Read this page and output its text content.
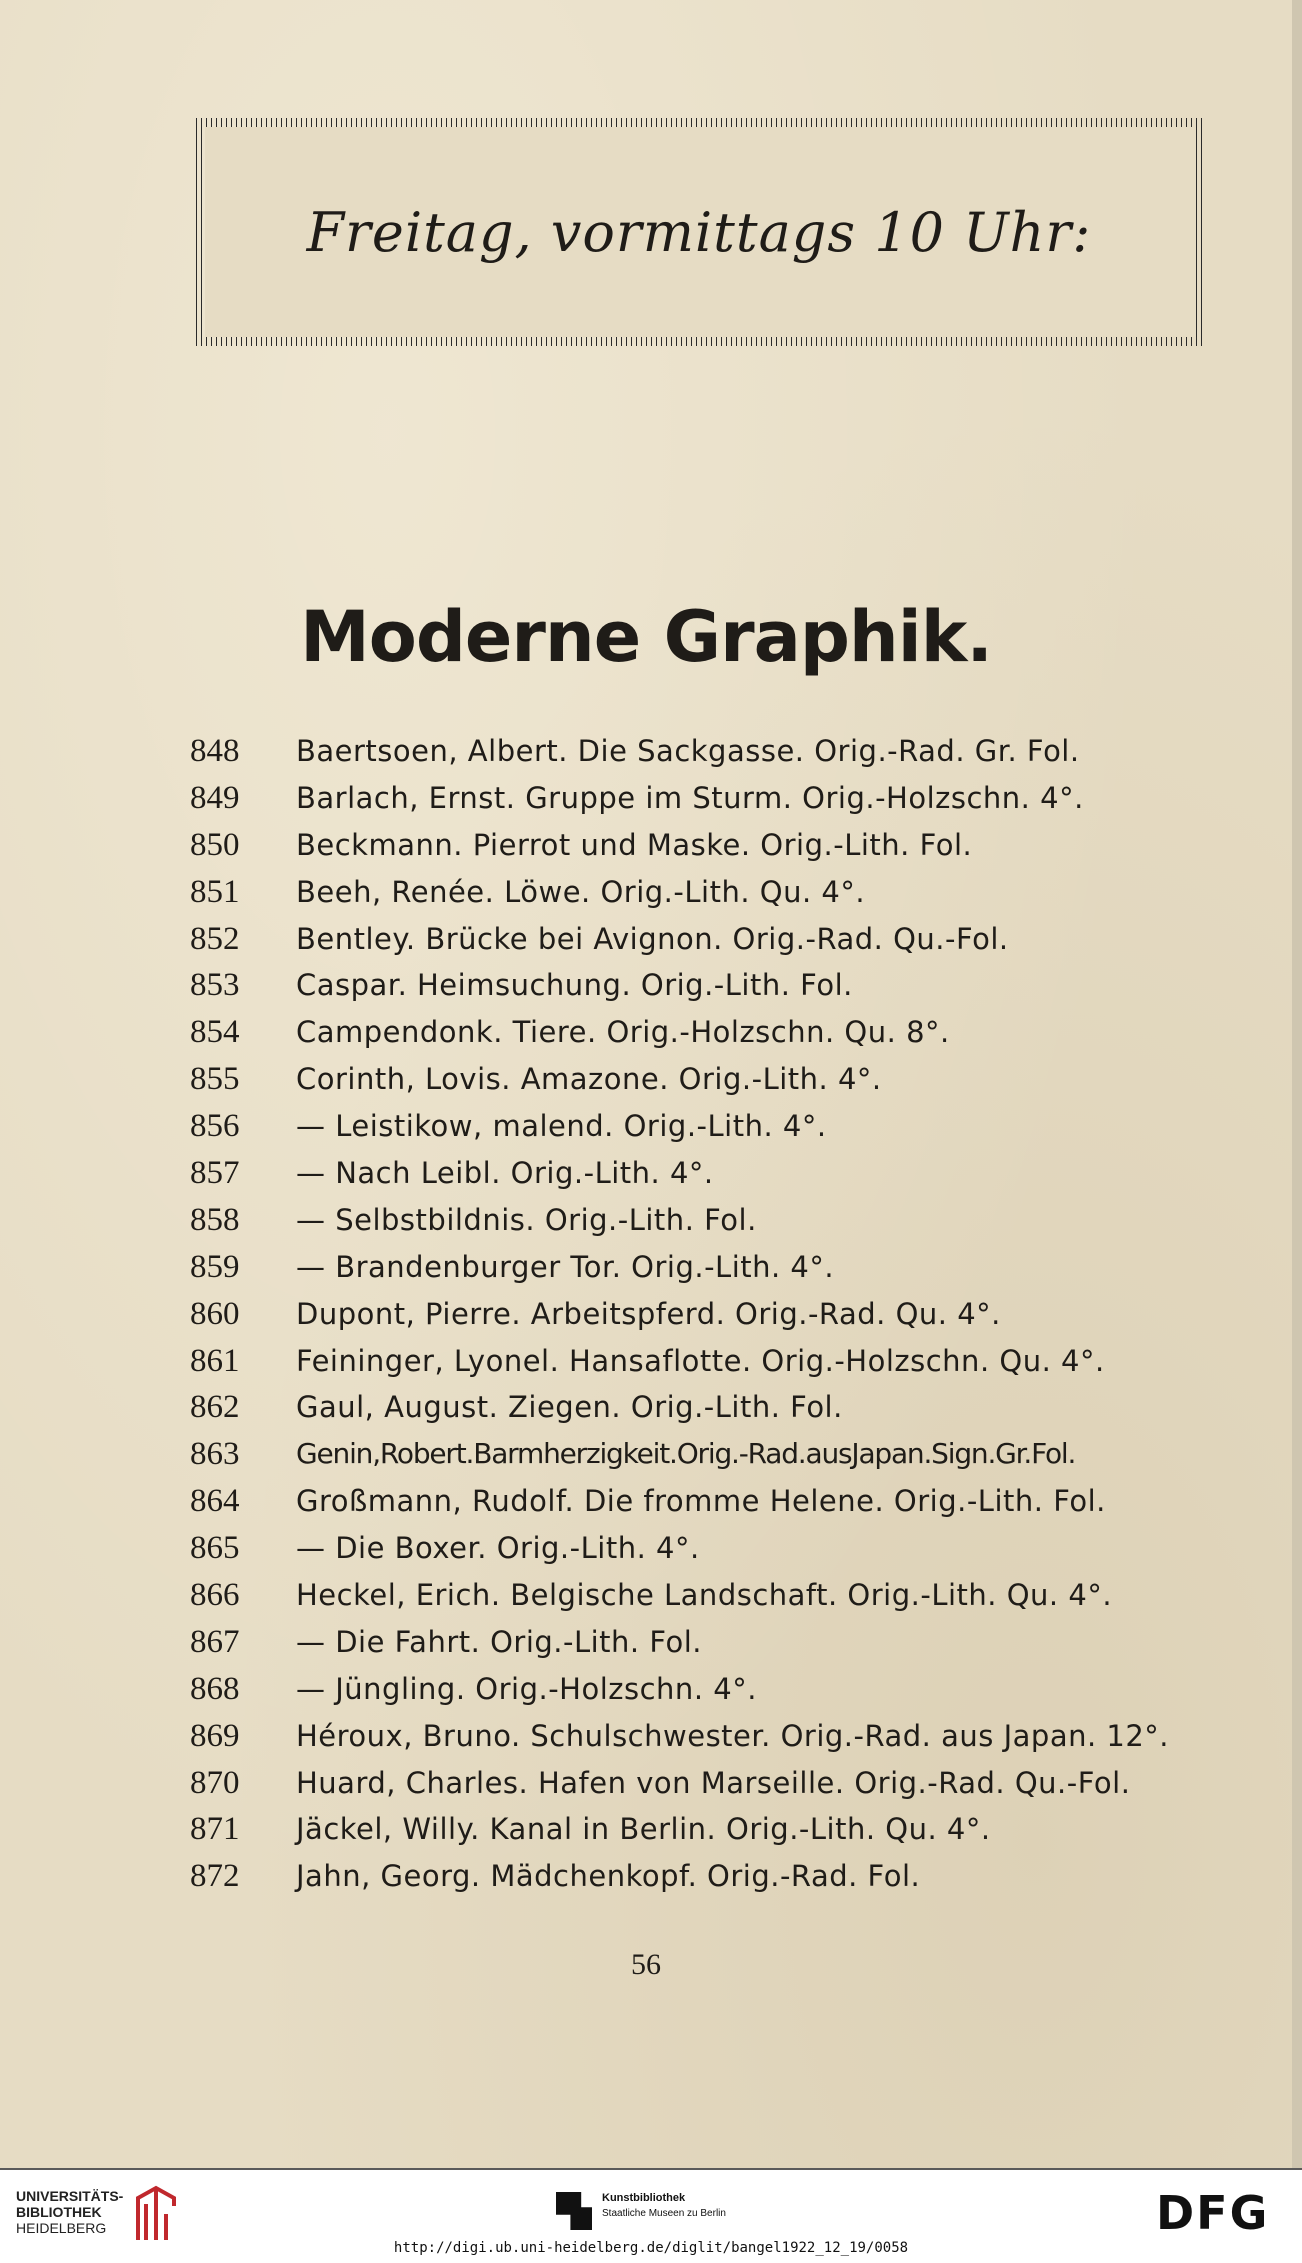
Freitag, vormittags 10 Uhr:
Moderne Graphik.
848	Baertsoen, Albert. Die Sackgasse. Orig.-Rad. Gr. Fol.
849	Barlach, Ernst. Gruppe im Sturm. Orig.-Holzschn. 4°.
850	Beckmann. Pierrot und Maske. Orig.-Lith. Fol.
851	Beeh, Renée. Löwe. Orig.-Lith. Qu. 4°.
852	Bentley. Brücke bei Avignon. Orig.-Rad. Qu.-Fol.
853	Caspar. Heimsuchung. Orig.-Lith. Fol.
854	Campendonk. Tiere. Orig.-Holzschn. Qu. 8°.
855	Corinth, Lovis. Amazone. Orig.-Lith. 4°.
856	— Leistikow, malend. Orig.-Lith. 4°.
857	— Nach Leibl. Orig.-Lith. 4°.
858	— Selbstbildnis. Orig.-Lith. Fol.
859	— Brandenburger Tor. Orig.-Lith. 4°.
860	Dupont, Pierre. Arbeitspferd. Orig.-Rad. Qu. 4°.
861	Feininger, Lyonel. Hansaflotte. Orig.-Holzschn. Qu. 4°.
862	Gaul, August. Ziegen. Orig.-Lith. Fol.
863	Genin,Robert.Barmherzigkeit.Orig.-Rad.ausJapan.Sign.Gr.Fol.
864	Großmann, Rudolf. Die fromme Helene. Orig.-Lith. Fol.
865	— Die Boxer. Orig.-Lith. 4°.
866	Heckel, Erich. Belgische Landschaft. Orig.-Lith. Qu. 4°.
867	— Die Fahrt. Orig.-Lith. Fol.
868	— Jüngling. Orig.-Holzschn. 4°.
869	Héroux, Bruno. Schulschwester. Orig.-Rad. aus Japan. 12°.
870	Huard, Charles. Hafen von Marseille. Orig.-Rad. Qu.-Fol.
871	Jäckel, Willy. Kanal in Berlin. Orig.-Lith. Qu. 4°.
872	Jahn, Georg. Mädchenkopf. Orig.-Rad. Fol.
56
UNIVERSITÄTS-
BIBLIOTHEK
HEIDELBERG
Kunstbibliothek
Staatliche Museen zu Berlin	DFG
http://digi.ub.uni-heidelberg.de/diglit/bangel1922_12_19/0058
